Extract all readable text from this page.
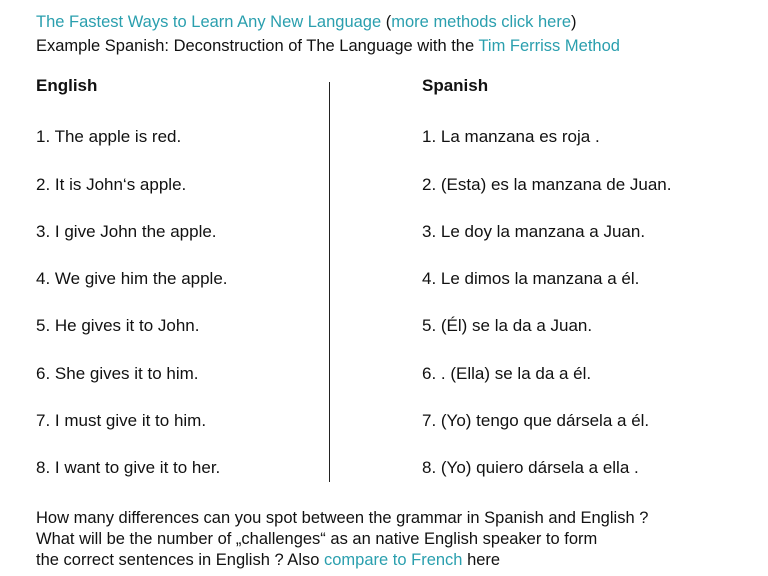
The Fastest Ways to Learn Any New Language (more methods click here)
Example Spanish: Deconstruction of The Language with the Tim Ferriss Method
English	Spanish
1. The apple is red.
2. It is John‘s apple.
3. I give John the apple.
4. We give him the apple.
5. He gives it to John.
6. She gives it to him.
7. I must give it to him.
8. I want to give it to her.
1. La manzana es roja .
2. (Esta) es la manzana de Juan.
3. Le doy la manzana a Juan.
4. Le dimos la manzana a él.
5. (Él) se la da a Juan.
6. . (Ella) se la da a él.
7. (Yo) tengo que dársela a él.
8. (Yo) quiero dársela a ella .
How many differences can you spot between the grammar in Spanish and English ?
What will be the number of „challenges“ as an native English speaker to form
the correct sentences in English ? Also compare to French here
